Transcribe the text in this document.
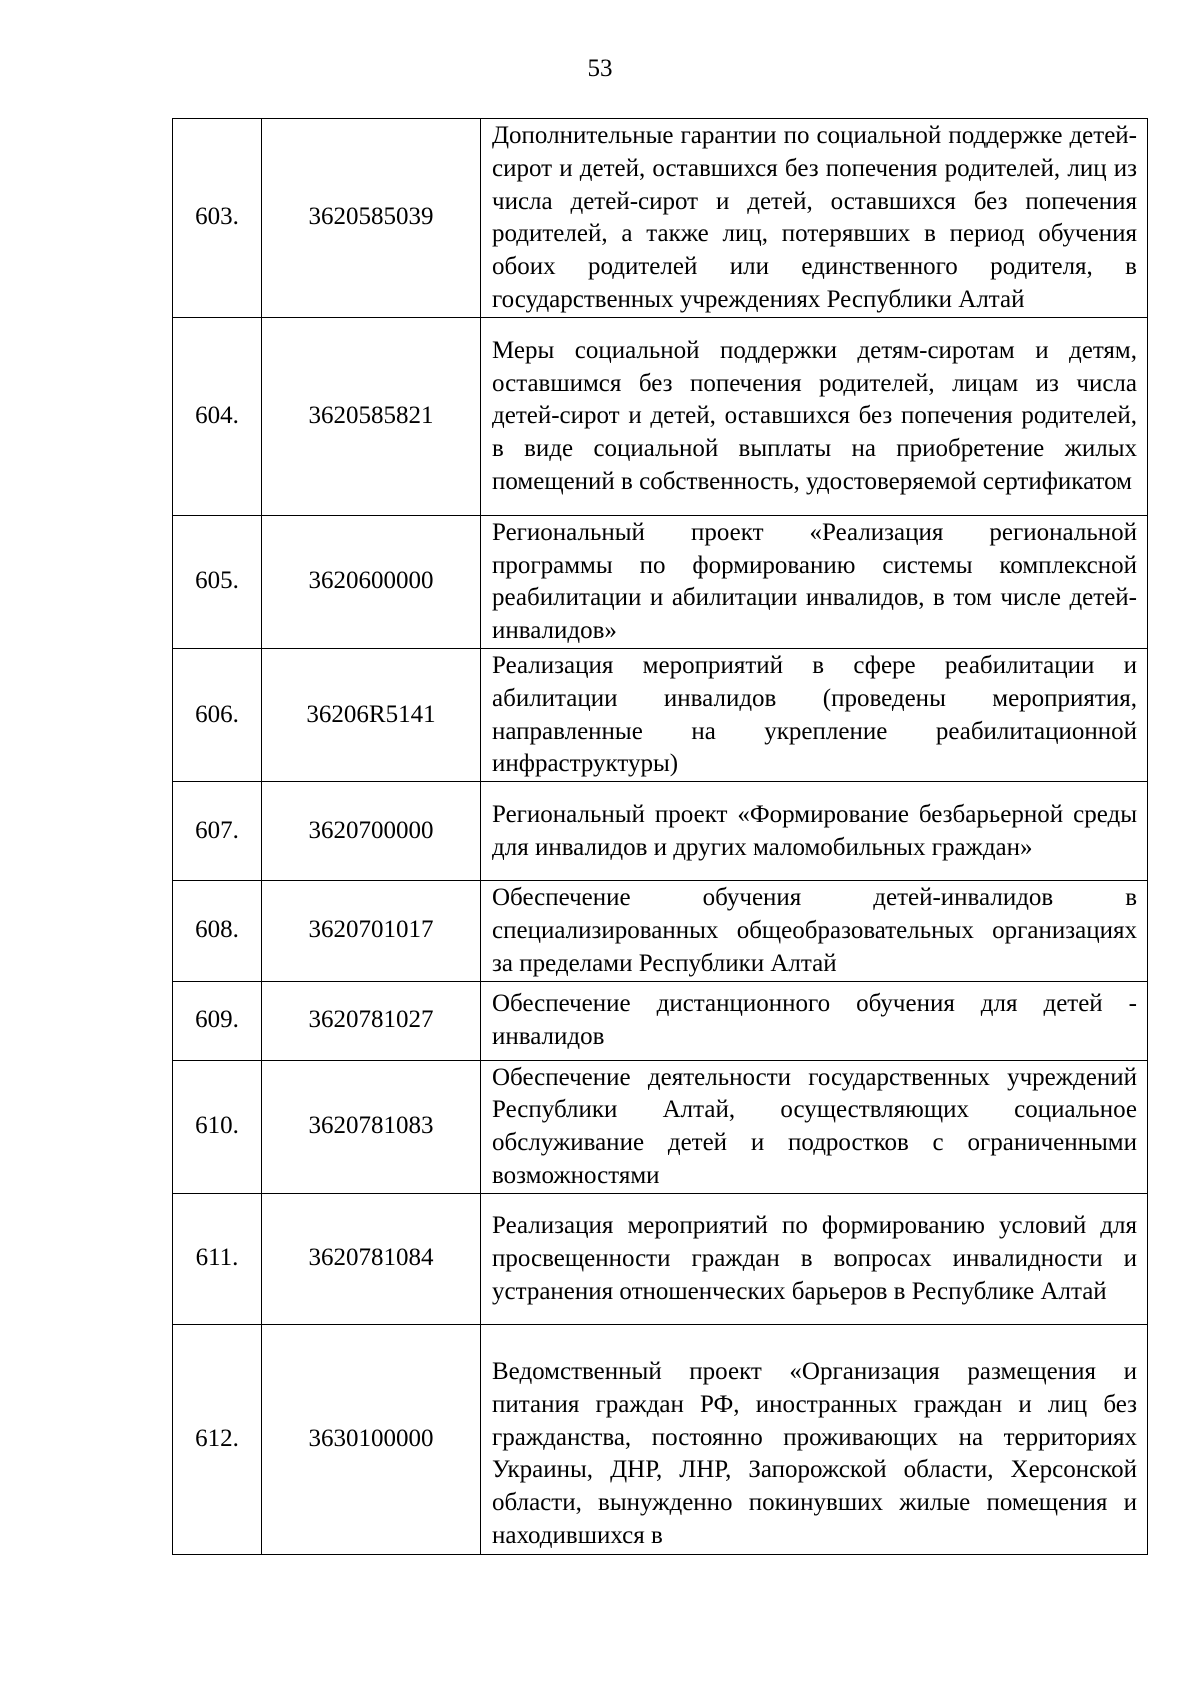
53
603.	3620585039	Дополнительные гарантии по социальной поддержке детей-сирот и детей, оставшихся без попечения родителей, лиц из числа детей-сирот и детей, оставшихся без попечения родителей, а также лиц, потерявших в период обучения обоих родителей или единственного родителя, в государственных учреждениях Республики Алтай

604.	3620585821	Меры социальной поддержки детям-сиротам и детям, оставшимся без попечения родителей, лицам из числа детей-сирот и детей, оставшихся без попечения родителей, в виде социальной выплаты на приобретение жилых помещений в собственность, удостоверяемой сертификатом

605.	3620600000	Региональный проект «Реализация региональной программы по формированию системы комплексной реабилитации и абилитации инвалидов, в том числе детей-инвалидов»

606.	36206R5141	Реализация мероприятий в сфере реабилитации и абилитации инвалидов (проведены мероприятия, направленные на укрепление реабилитационной инфраструктуры)

607.	3620700000	Региональный проект «Формирование безбарьерной среды для инвалидов и других маломобильных граждан»

608.	3620701017	Обеспечение обучения детей-инвалидов в специализированных общеобразовательных организациях за пределами Республики Алтай

609.	3620781027	Обеспечение дистанционного обучения для детей - инвалидов

610.	3620781083	Обеспечение деятельности государственных учреждений Республики Алтай, осуществляющих социальное обслуживание детей и подростков с ограниченными возможностями

611.	3620781084	Реализация мероприятий по формированию условий для просвещенности граждан в вопросах инвалидности и устранения отношенческих барьеров в Республике Алтай

612.	3630100000	Ведомственный проект «Организация размещения и питания граждан РФ, иностранных граждан и лиц без гражданства, постоянно проживающих на территориях Украины, ДНР, ЛНР, Запорожской области, Херсонской области, вынужденно покинувших жилые помещения и находившихся в
